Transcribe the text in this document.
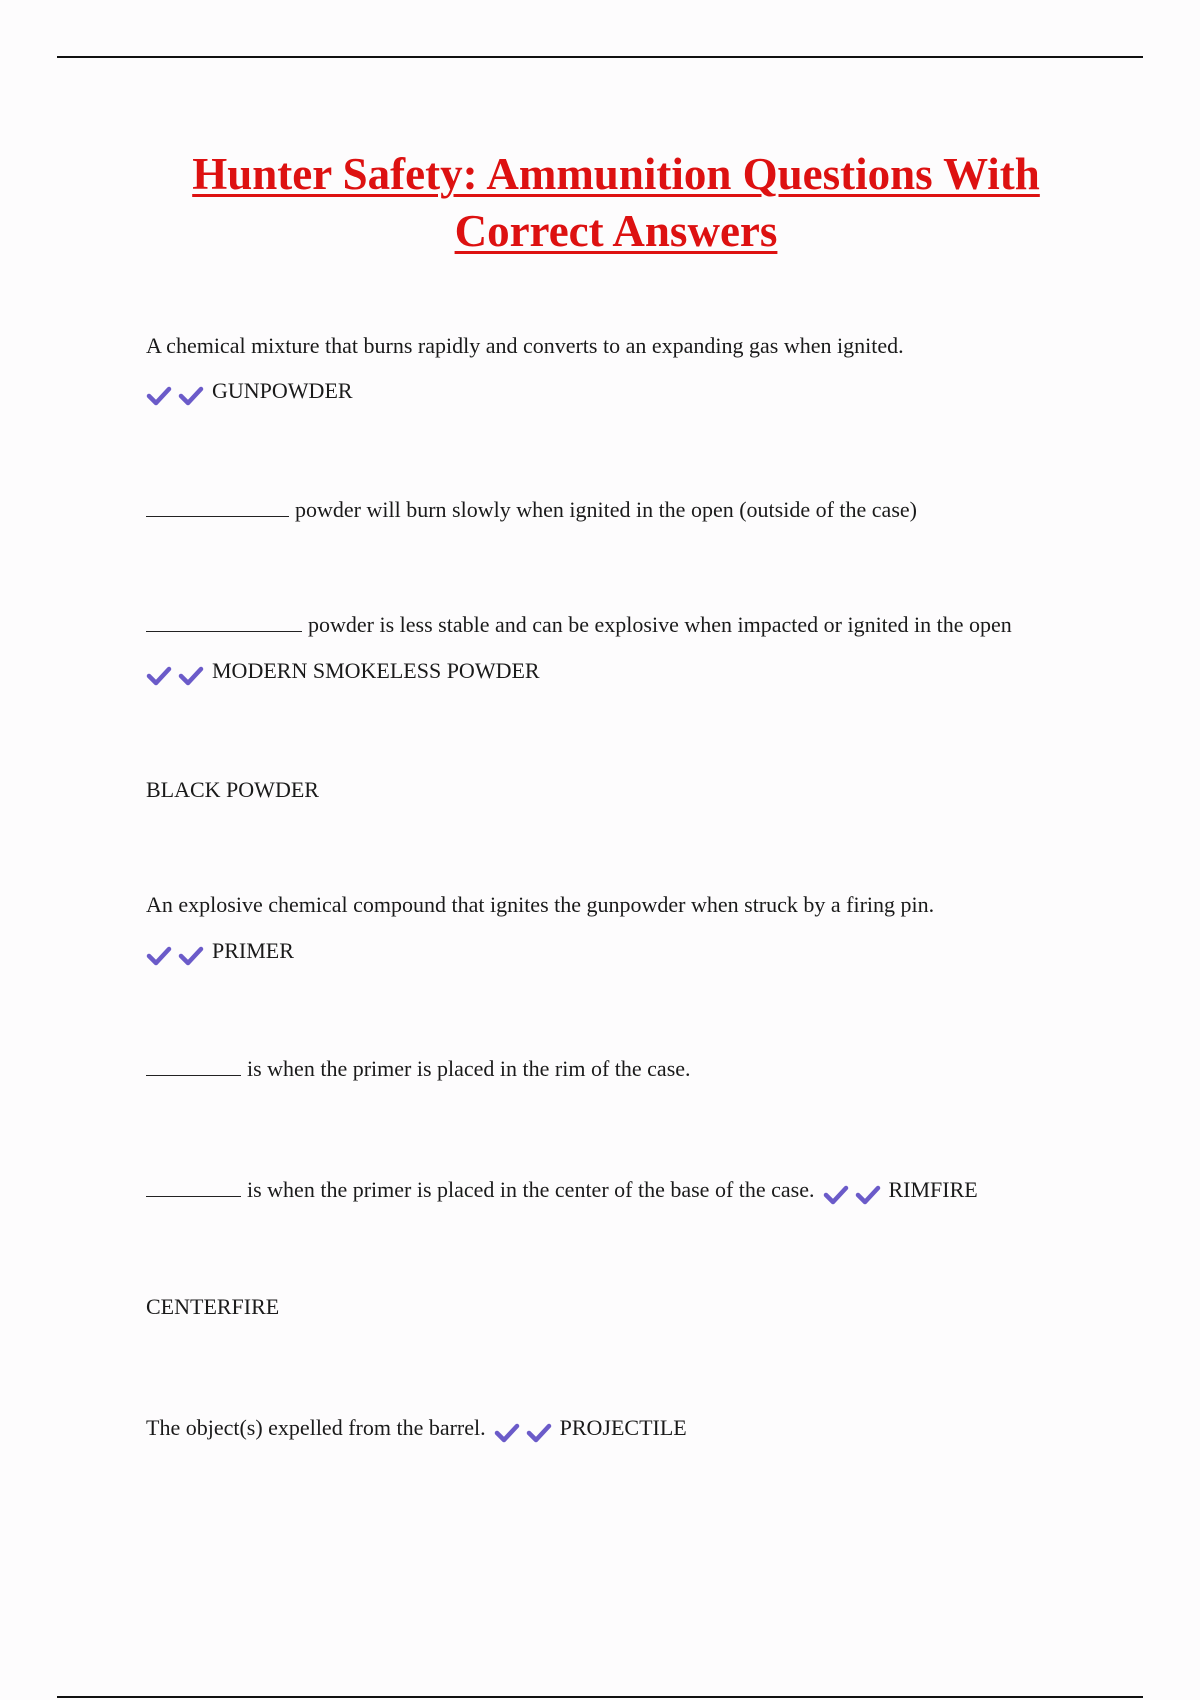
Hunter Safety: Ammunition Questions With
Correct Answers
A chemical mixture that burns rapidly and converts to an expanding gas when ignited.
GUNPOWDER
powder will burn slowly when ignited in the open (outside of the case)
powder is less stable and can be explosive when impacted or ignited in the open
MODERN SMOKELESS POWDER
BLACK POWDER
An explosive chemical compound that ignites the gunpowder when struck by a firing pin.
PRIMER
is when the primer is placed in the rim of the case.
is when the primer is placed in the center of the base of the case.	RIMFIRE
CENTERFIRE
The object(s) expelled from the barrel.	PROJECTILE
